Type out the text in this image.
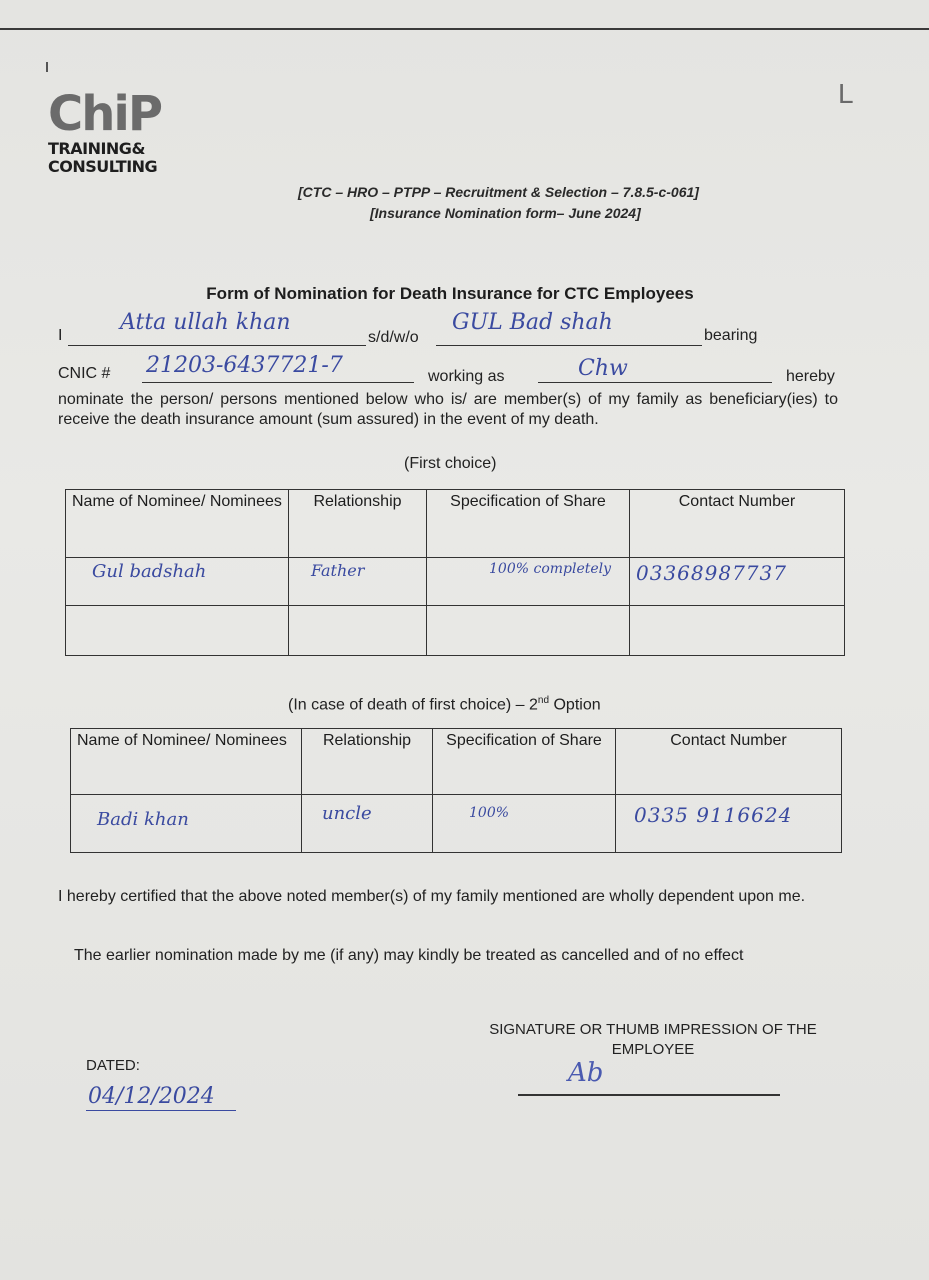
L
ChiP
TRAINING&
CONSULTING
[CTC – HRO – PTPP – Recruitment & Selection – 7.8.5-c-061]
[Insurance Nomination form– June 2024]
Form of Nomination for Death Insurance for CTC Employees
I
Atta ullah khan
s/d/w/o
GUL Bad shah
bearing
CNIC # 21203-6437721-7	working as	Chw	hereby
nominate the person/ persons mentioned below who is/ are member(s) of my family as beneficiary(ies) to receive the death insurance amount (sum assured) in the event of my death.
(First choice)
Name of Nominee/ Nominees	Relationship	Specification of Share	Contact Number
Gul badshah	Father	100% completely	03368987737

(In case of death of first choice) – 2nd Option
Name of Nominee/ Nominees	Relationship	Specification of Share	Contact Number
Badi khan	uncle	100%	0335 9116624
I hereby certified that the above noted member(s) of my family mentioned are wholly dependent upon me.
The earlier nomination made by me (if any) may kindly be treated as cancelled and of no effect
SIGNATURE OR THUMB IMPRESSION OF THE EMPLOYEE
Ab
DATED:
04/12/2024
